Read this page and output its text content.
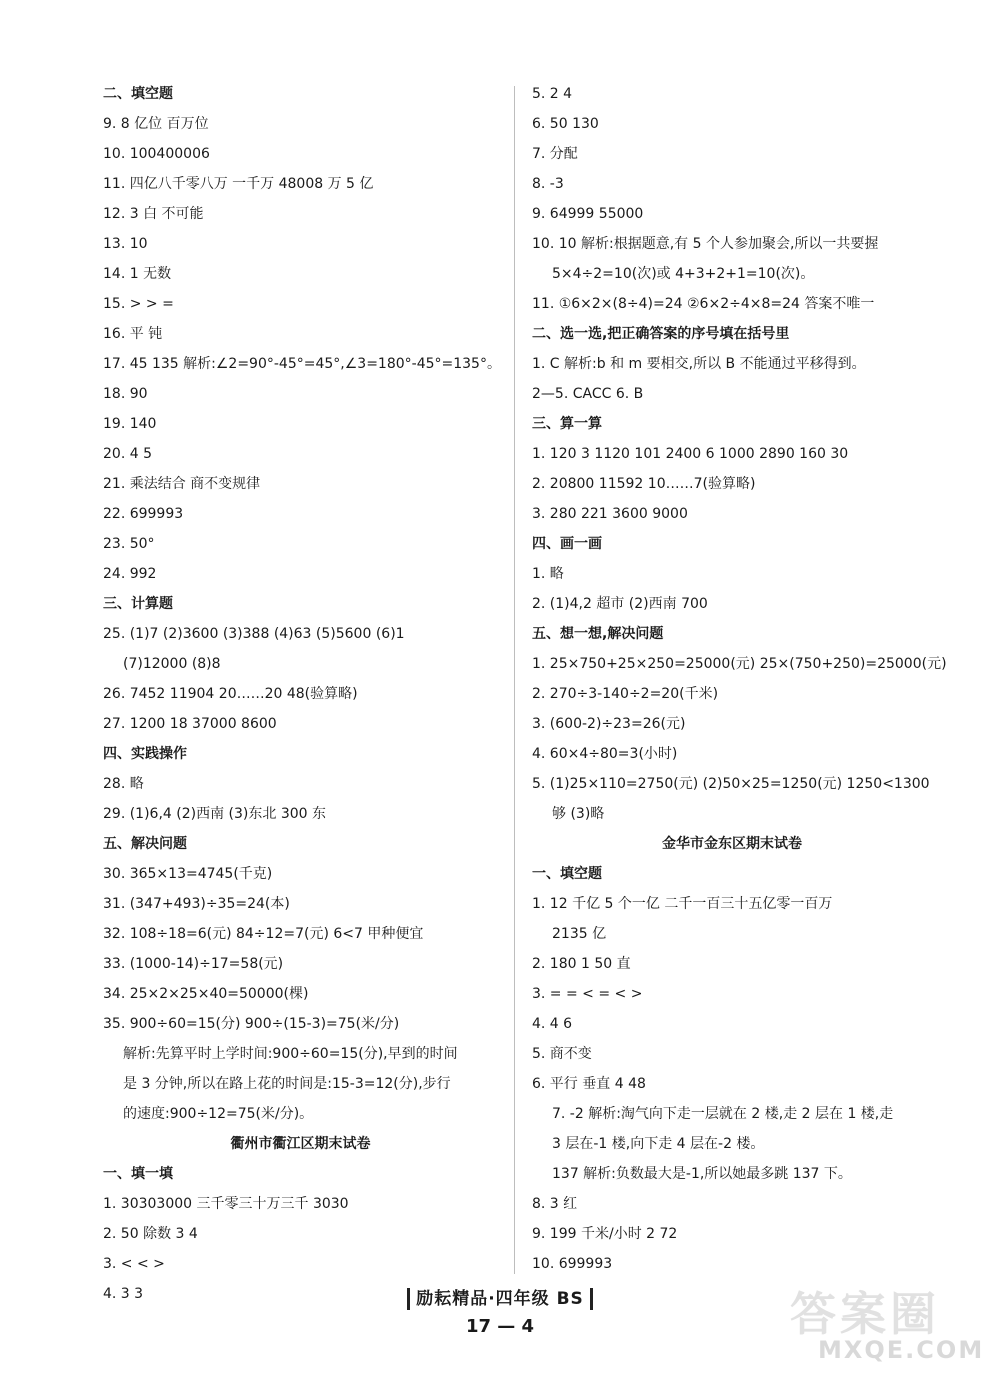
二、填空题
9. 8 亿位 百万位
10. 100400006
11. 四亿八千零八万 一千万 48008 万 5 亿
12. 3 白 不可能
13. 10
14. 1 无数
15. > > =
16. 平 钝
17. 45 135 解析:∠2=90°-45°=45°,∠3=180°-45°=135°。
18. 90
19. 140
20. 4 5
21. 乘法结合 商不变规律
22. 699993
23. 50°
24. 992
三、计算题
25. (1)7 (2)3600 (3)388 (4)63 (5)5600 (6)1
(7)12000 (8)8
26. 7452 11904 20……20 48(验算略)
27. 1200 18 37000 8600
四、实践操作
28. 略
29. (1)6,4 (2)西南 (3)东北 300 东
五、解决问题
30. 365×13=4745(千克)
31. (347+493)÷35=24(本)
32. 108÷18=6(元) 84÷12=7(元) 6<7 甲种便宜
33. (1000-14)÷17=58(元)
34. 25×2×25×40=50000(棵)
35. 900÷60=15(分) 900÷(15-3)=75(米/分)
解析:先算平时上学时间:900÷60=15(分),早到的时间
是 3 分钟,所以在路上花的时间是:15-3=12(分),步行
的速度:900÷12=75(米/分)。
衢州市衢江区期末试卷
一、填一填
1. 30303000 三千零三十万三千 3030
2. 50 除数 3 4
3. < < >
4. 3 3
5. 2 4
6. 50 130
7. 分配
8. -3
9. 64999 55000
10. 10 解析:根据题意,有 5 个人参加聚会,所以一共要握
5×4÷2=10(次)或 4+3+2+1=10(次)。
11. ①6×2×(8÷4)=24 ②6×2÷4×8=24 答案不唯一
二、选一选,把正确答案的序号填在括号里
1. C 解析:b 和 m 要相交,所以 B 不能通过平移得到。
2—5. CACC 6. B
三、算一算
1. 120 3 1120 101 2400 6 1000 2890 160 30
2. 20800 11592 10……7(验算略)
3. 280 221 3600 9000
四、画一画
1. 略
2. (1)4,2 超市 (2)西南 700
五、想一想,解决问题
1. 25×750+25×250=25000(元) 25×(750+250)=25000(元)
2. 270÷3-140÷2=20(千米)
3. (600-2)÷23=26(元)
4. 60×4÷80=3(小时)
5. (1)25×110=2750(元) (2)50×25=1250(元) 1250<1300
够 (3)略
金华市金东区期末试卷
一、填空题
1. 12 千亿 5 个一亿 二千一百三十五亿零一百万
2135 亿
2. 180 1 50 直
3. = = < = < >
4. 4 6
5. 商不变
6. 平行 垂直 4 48
7. -2 解析:淘气向下走一层就在 2 楼,走 2 层在 1 楼,走
3 层在-1 楼,向下走 4 层在-2 楼。
137 解析:负数最大是-1,所以她最多跳 137 下。
8. 3 红
9. 199 千米/小时 2 72
10. 699993
励耘精品·四年级 BS
17 — 4	答案圈
MXQE.COM
